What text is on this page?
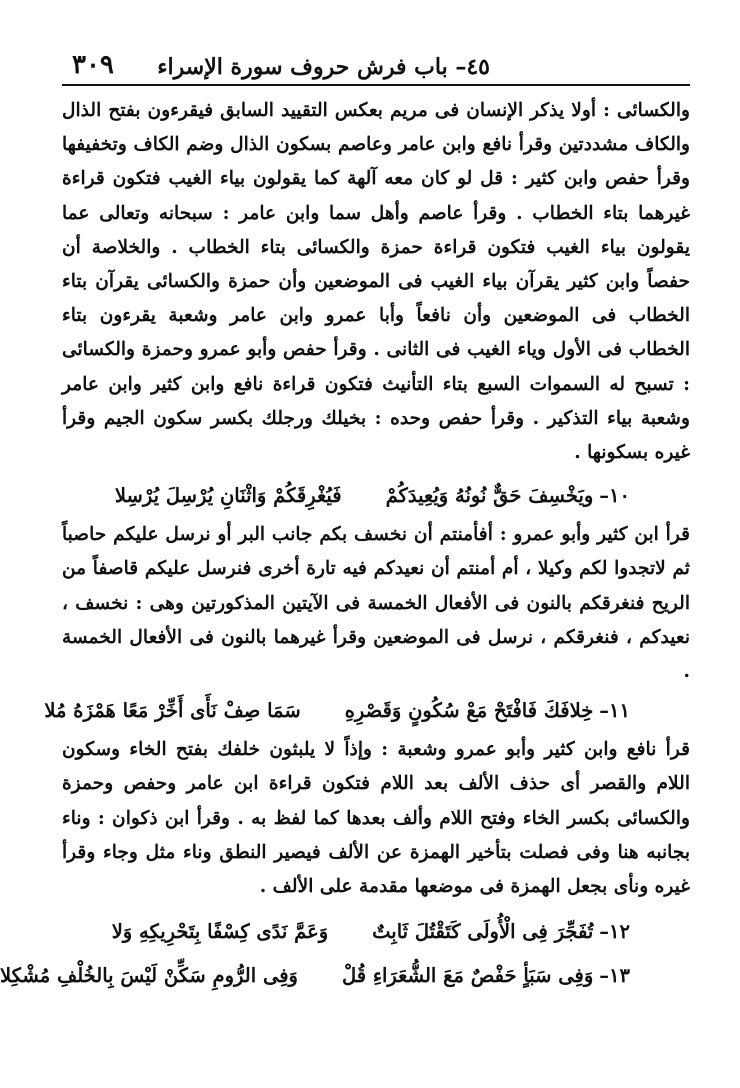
٤٥– باب فرش حروف سورة الإسراء
٣٠٩

والكسائى : أولا يذكر الإنسان فى مريم بعكس التقييد السابق فيقرءون بفتح الذال والكاف مشددتين وقرأ نافع وابن عامر وعاصم بسكون الذال وضم الكاف وتخفيفها وقرأ حفص وابن كثير : قل لو كان معه آلهة كما يقولون بياء الغيب فتكون قراءة غيرهما بتاء الخطاب . وقرأ عاصم وأهل سما وابن عامر : سبحانه وتعالى عما يقولون بياء الغيب فتكون قراءة حمزة والكسائى بتاء الخطاب . والخلاصة أن حفصاً وابن كثير يقرآن بياء الغيب فى الموضعين وأن حمزة والكسائى يقرآن بتاء الخطاب فى الموضعين وأن نافعاً وأبا عمرو وابن عامر وشعبة يقرءون بتاء الخطاب فى الأول وياء الغيب فى الثانى . وقرأ حفص وأبو عمرو وحمزة والكسائى : تسبح له السموات السبع بتاء التأنيث فتكون قراءة نافع وابن كثير وابن عامر وشعبة بياء التذكير . وقرأ حفص وحده : بخيلك ورجلك بكسر سكون الجيم وقرأ غيره بسكونها .

١٠–
ويَخْسِفَ حَقٌّ نُونُهُ وَيُعِيدَكُمْ
فَيُغْرِقَكُمْ وَاثْنَانِ يُرْسِلَ يُرْسِلا

قرأ ابن كثير وأبو عمرو : أفأمنتم أن نخسف بكم جانب البر أو نرسل عليكم حاصباً ثم لاتجدوا لكم وكيلا ، أم أمنتم أن نعيدكم فيه تارة أخرى فنرسل عليكم قاصفاً من الريح فنغرقكم بالنون فى الأفعال الخمسة فى الآيتين المذكورتين وهى : نخسف ، نعيدكم ، فنغرقكم ، نرسل فى الموضعين وقرأ غيرهما بالنون فى الأفعال الخمسة .

١١–
خِلافَكَ فَافْتَحْ مَعْ سُكُونٍ وَقَصْرِهِ
سَمَا صِفْ نَأَى أَخِّرْ مَعًا هَمْزَهُ مُلا

قرأ نافع وابن كثير وأبو عمرو وشعبة : وإذاً لا يلبثون خلفك بفتح الخاء وسكون اللام والقصر أى حذف الألف بعد اللام فتكون قراءة ابن عامر وحفص وحمزة والكسائى بكسر الخاء وفتح اللام وألف بعدها كما لفظ به . وقرأ ابن ذكوان : وناء بجانبه هنا وفى فصلت بتأخير الهمزة عن الألف فيصير النطق وناء مثل وجاء وقرأ غيره ونأى بجعل الهمزة فى موضعها مقدمة على الألف .

١٢–
تُفَجِّرَ فِى الْأُولَى كَتَقْتُلَ ثَابِتٌ
وَعَمَّ نَدًى كِسْفًا بِتَحْرِيكِهِ وَلا
١٣–
وَفِى سَبَأٍ حَفْصٌ مَعَ الشُّعَرَاءِ قُلْ
وَفِى الرُّومِ سَكِّنْ لَيْسَ بِالخُلْفِ مُشْكِلا
